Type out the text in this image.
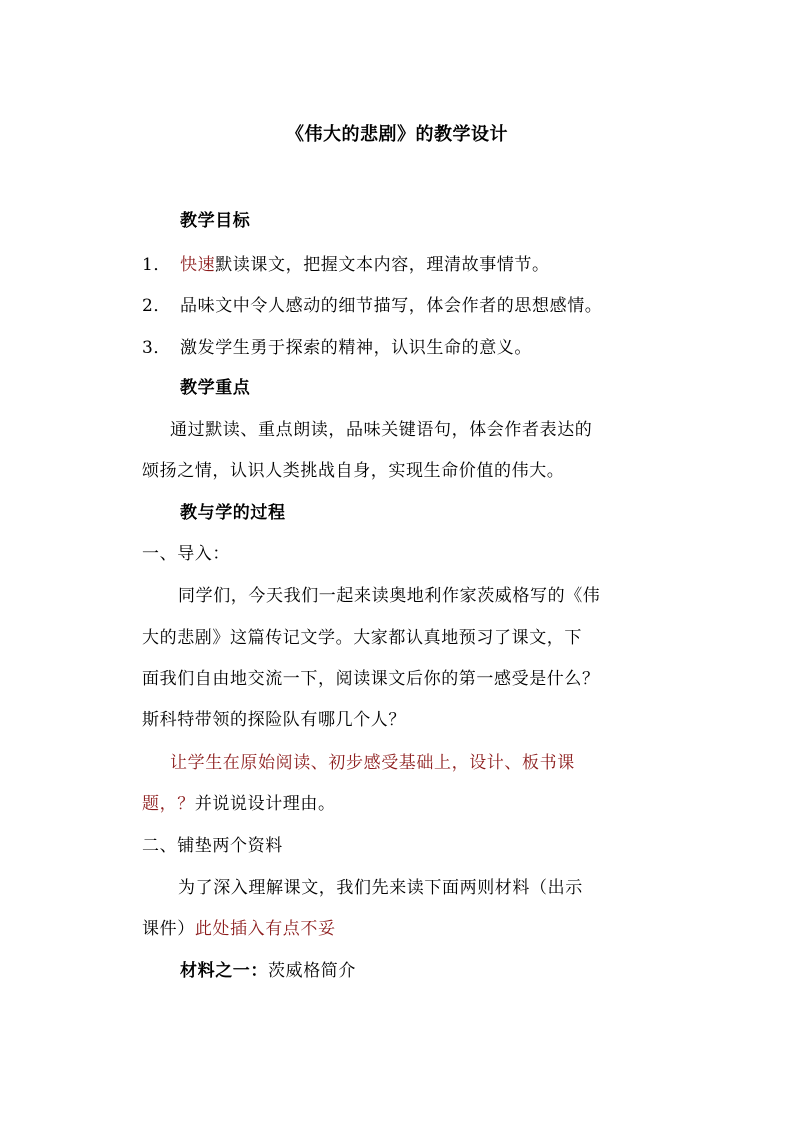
《伟大的悲剧》的教学设计
教学目标
1． 快速默读课文，把握文本内容，理清故事情节。
2． 品味文中令人感动的细节描写，体会作者的思想感情。
3． 激发学生勇于探索的精神，认识生命的意义。
教学重点
通过默读、重点朗读，品味关键语句，体会作者表达的
颂扬之情，认识人类挑战自身，实现生命价值的伟大。
教与学的过程
一、导入：
同学们，今天我们一起来读奥地利作家茨威格写的《伟
大的悲剧》这篇传记文学。大家都认真地预习了课文，下
面我们自由地交流一下，阅读课文后你的第一感受是什么？
斯科特带领的探险队有哪几个人？
让学生在原始阅读、初步感受基础上，设计、板书课
题，？并说说设计理由。
二、铺垫两个资料
为了深入理解课文，我们先来读下面两则材料（出示
课件）此处插入有点不妥
材料之一：茨威格简介
